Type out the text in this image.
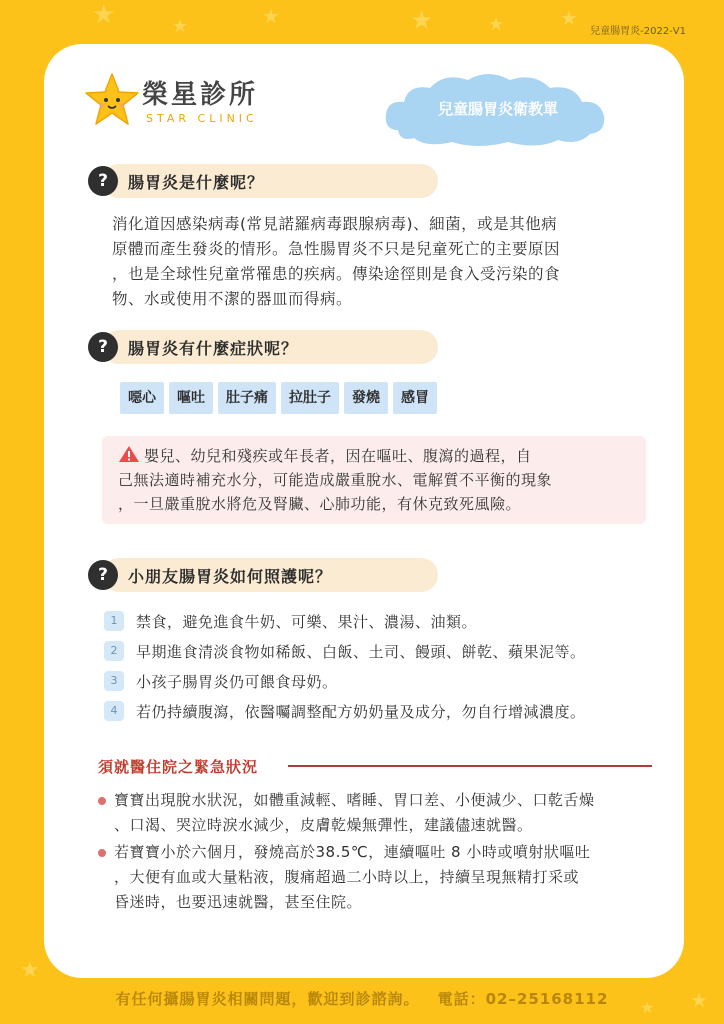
★	★	★	★	★	★
★
★
★
兒童腸胃炎-2022-V1
榮星診所
STAR CLINIC
兒童腸胃炎衛教單
?	腸胃炎是什麼呢？
消化道因感染病毒(常見諾羅病毒跟腺病毒)、細菌，或是其他病
原體而產生發炎的情形。急性腸胃炎不只是兒童死亡的主要原因
，也是全球性兒童常罹患的疾病。傳染途徑則是食入受污染的食
物、水或使用不潔的器皿而得病。
?	腸胃炎有什麼症狀呢？
噁心	嘔吐	肚子痛	拉肚子	發燒	感冒
嬰兒、幼兒和殘疾或年長者，因在嘔吐、腹瀉的過程，自
己無法適時補充水分，可能造成嚴重脫水、電解質不平衡的現象
，一旦嚴重脫水將危及腎臟、心肺功能，有休克致死風險。
?	小朋友腸胃炎如何照護呢？
1	禁食，避免進食牛奶、可樂、果汁、濃湯、油類。
2	早期進食清淡食物如稀飯、白飯、土司、饅頭、餅乾、蘋果泥等。
3	小孩子腸胃炎仍可餵食母奶。
4	若仍持續腹瀉，依醫囑調整配方奶奶量及成分，勿自行增減濃度。
須就醫住院之緊急狀況
寶寶出現脫水狀況，如體重減輕、嗜睡、胃口差、小便減少、口乾舌燥
、口渴、哭泣時淚水減少，皮膚乾燥無彈性，建議儘速就醫。
若寶寶小於六個月，發燒高於38.5℃，連續嘔吐 8 小時或噴射狀嘔吐
，大便有血或大量粘液，腹痛超過二小時以上，持續呈現無精打采或
昏迷時，也要迅速就醫，甚至住院。
有任何攝腸胃炎相關問題，歡迎到診諮詢。 電話：02–25168112
